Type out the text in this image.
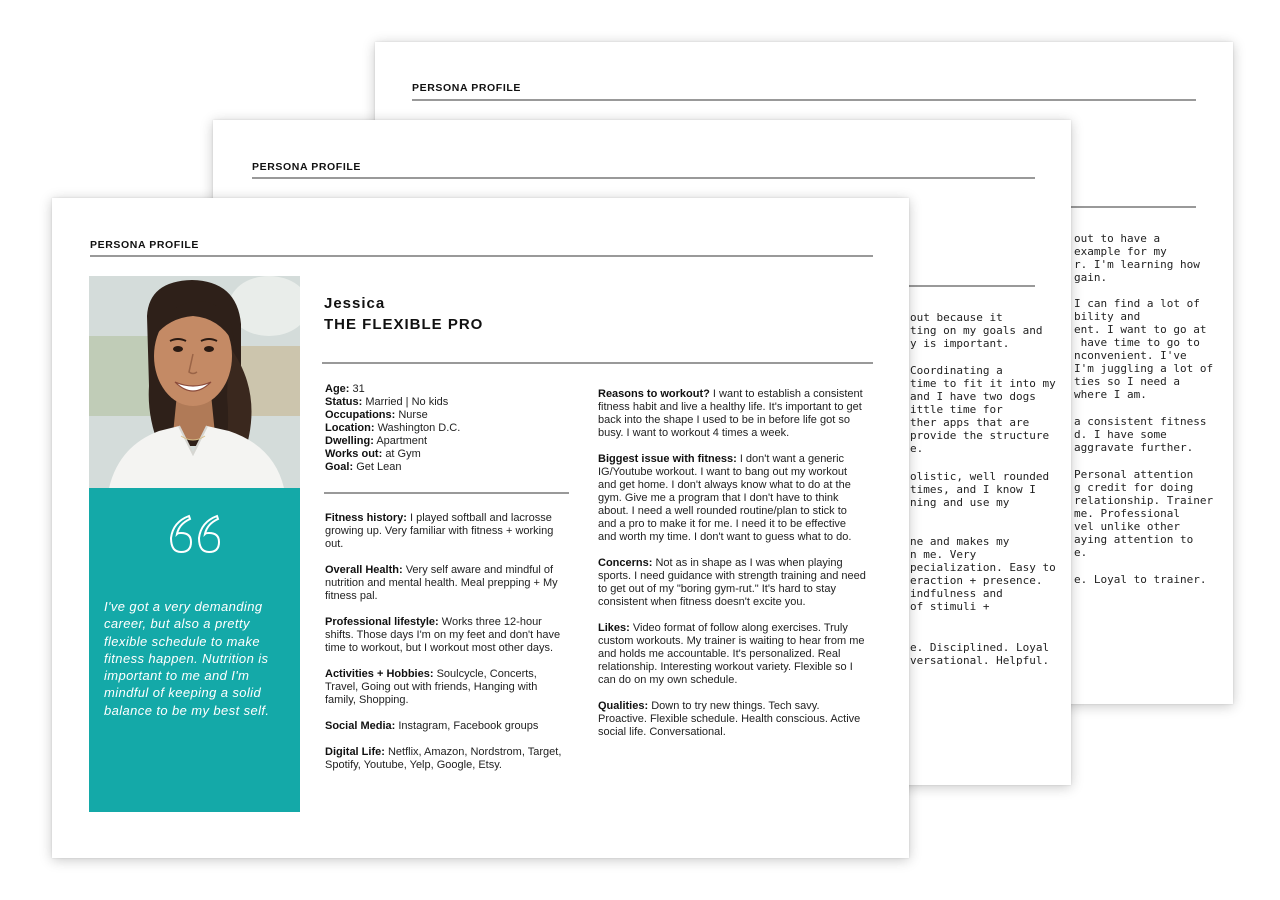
PERSONA PROFILE
out to have a
example for my
r. I'm learning how
gain.
I can find a lot of
bility and
ent. I want to go at
have time to go to
nconvenient. I've
I'm juggling a lot of
ties so I need a
where I am.
a consistent fitness
d. I have some
aggravate further.
Personal attention
g credit for doing
relationship. Trainer
me. Professional
vel unlike other
aying attention to
e.
e. Loyal to trainer.
PERSONA PROFILE
out because it
ting on my goals and
y is important.
Coordinating a
time to fit it into my
and I have two dogs
ittle time for
ther apps that are
provide the structure
e.
olistic, well rounded
times, and I know I
ning and use my
ne and makes my
n me. Very
pecialization. Easy to
eraction + presence.
indfulness and
of stimuli +
e. Disciplined. Loyal
versational. Helpful.
PERSONA PROFILE
I've got a very demanding career, but also a pretty flexible schedule to make fitness happen. Nutrition is important to me and I'm mindful of keeping a solid balance to be my best self.
Jessica
THE FLEXIBLE PRO
Age: 31
Status: Married | No kids
Occupations: Nurse
Location: Washington D.C.
Dwelling: Apartment
Works out: at Gym
Goal: Get Lean

Fitness history: I played softball and lacrosse growing up. Very familiar with fitness + working out.

Overall Health: Very self aware and mindful of nutrition and mental health. Meal prepping + My fitness pal.

Professional lifestyle: Works three 12-hour shifts. Those days I'm on my feet and don't have time to workout, but I workout most other days.

Activities + Hobbies: Soulcycle, Concerts, Travel, Going out with friends, Hanging with family, Shopping.

Social Media: Instagram, Facebook groups

Digital Life: Netflix, Amazon, Nordstrom, Target, Spotify, Youtube, Yelp, Google, Etsy.

Reasons to workout? I want to establish a consistent fitness habit and live a healthy life. It's important to get back into the shape I used to be in before life got so busy. I want to workout 4 times a week.

Biggest issue with fitness: I don't want a generic IG/Youtube workout. I want to bang out my workout and get home. I don't always know what to do at the gym. Give me a program that I don't have to think about. I need a well rounded routine/plan to stick to and a pro to make it for me. I need it to be effective and worth my time. I don't want to guess what to do.

Concerns: Not as in shape as I was when playing sports. I need guidance with strength training and need to get out of my "boring gym-rut." It's hard to stay consistent when fitness doesn't excite you.

Likes: Video format of follow along exercises. Truly custom workouts. My trainer is waiting to hear from me and holds me accountable. It's personalized. Real relationship. Interesting workout variety. Flexible so I can do on my own schedule.

Qualities: Down to try new things. Tech savy. Proactive. Flexible schedule. Health conscious. Active social life. Conversational.
